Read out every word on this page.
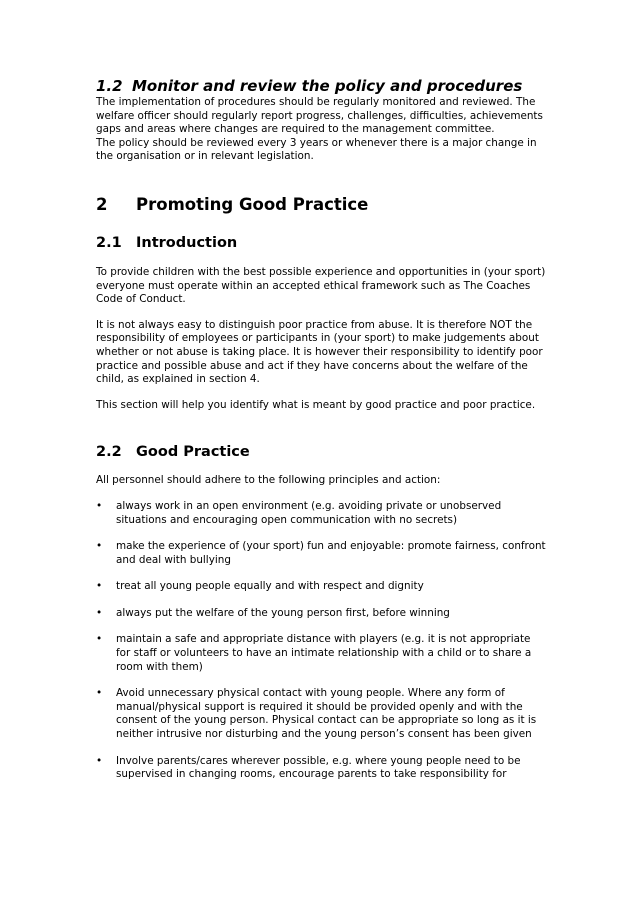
1.2 Monitor and review the policy and procedures

The implementation of procedures should be regularly monitored and reviewed. The welfare officer should regularly report progress, challenges, difficulties, achievements gaps and areas where changes are required to the management committee.

The policy should be reviewed every 3 years or whenever there is a major change in the organisation or in relevant legislation.

2 Promoting Good Practice
2.1 Introduction

To provide children with the best possible experience and opportunities in (your sport) everyone must operate within an accepted ethical framework such as The Coaches Code of Conduct.

It is not always easy to distinguish poor practice from abuse. It is therefore NOT the responsibility of employees or participants in (your sport) to make judgements about whether or not abuse is taking place. It is however their responsibility to identify poor practice and possible abuse and act if they have concerns about the welfare of the child, as explained in section 4.

This section will help you identify what is meant by good practice and poor practice.

2.2 Good Practice

All personnel should adhere to the following principles and action:

• always work in an open environment (e.g. avoiding private or unobserved situations and encouraging open communication with no secrets)
• make the experience of (your sport) fun and enjoyable: promote fairness, confront and deal with bullying
• treat all young people equally and with respect and dignity
• always put the welfare of the young person first, before winning
• maintain a safe and appropriate distance with players (e.g. it is not appropriate for staff or volunteers to have an intimate relationship with a child or to share a room with them)
• Avoid unnecessary physical contact with young people. Where any form of manual/physical support is required it should be provided openly and with the consent of the young person. Physical contact can be appropriate so long as it is neither intrusive nor disturbing and the young person’s consent has been given
• Involve parents/cares wherever possible, e.g. where young people need to be supervised in changing rooms, encourage parents to take responsibility for
